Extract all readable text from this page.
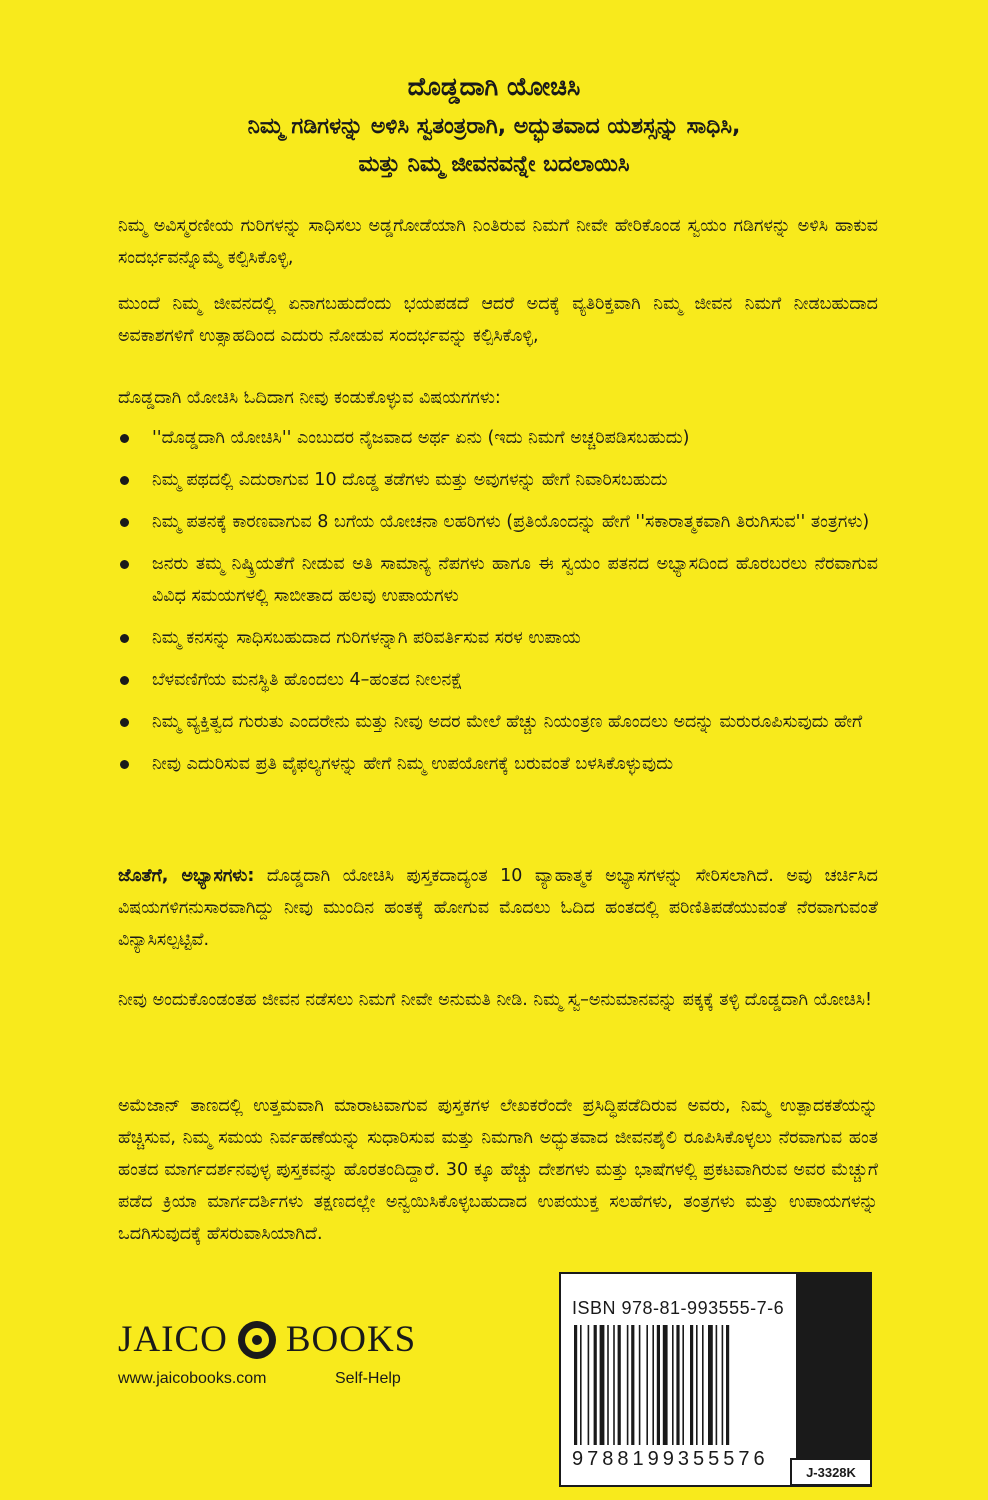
ದೊಡ್ಡದಾಗಿ ಯೋಚಿಸಿ
ನಿಮ್ಮ ಗಡಿಗಳನ್ನು ಅಳಿಸಿ ಸ್ವತಂತ್ರರಾಗಿ, ಅದ್ಭುತವಾದ ಯಶಸ್ಸನ್ನು ಸಾಧಿಸಿ,
ಮತ್ತು ನಿಮ್ಮ ಜೀವನವನ್ನೇ ಬದಲಾಯಿಸಿ

ನಿಮ್ಮ ಅವಿಸ್ಮರಣೀಯ ಗುರಿಗಳನ್ನು ಸಾಧಿಸಲು ಅಡ್ಡಗೋಡೆಯಾಗಿ ನಿಂತಿರುವ ನಿಮಗೆ ನೀವೇ ಹೇರಿಕೊಂಡ ಸ್ವಯಂ ಗಡಿಗಳನ್ನು ಅಳಿಸಿ ಹಾಕುವ ಸಂದರ್ಭವನ್ನೊಮ್ಮೆ ಕಲ್ಪಿಸಿಕೊಳ್ಳಿ,

ಮುಂದೆ ನಿಮ್ಮ ಜೀವನದಲ್ಲಿ ಏನಾಗಬಹುದೆಂದು ಭಯಪಡದೆ ಆದರೆ ಅದಕ್ಕೆ ವ್ಯತಿರಿಕ್ತವಾಗಿ ನಿಮ್ಮ ಜೀವನ ನಿಮಗೆ ನೀಡಬಹುದಾದ ಅವಕಾಶಗಳಿಗೆ ಉತ್ಸಾಹದಿಂದ ಎದುರು ನೋಡುವ ಸಂದರ್ಭವನ್ನು ಕಲ್ಪಿಸಿಕೊಳ್ಳಿ,

ದೊಡ್ಡದಾಗಿ ಯೋಚಿಸಿ ಓದಿದಾಗ ನೀವು ಕಂಡುಕೊಳ್ಳುವ ವಿಷಯಗಗಳು:

''ದೊಡ್ಡದಾಗಿ ಯೋಚಿಸಿ'' ಎಂಬುದರ ನೈಜವಾದ ಅರ್ಥ ಏನು (ಇದು ನಿಮಗೆ ಅಚ್ಚರಿಪಡಿಸಬಹುದು)
ನಿಮ್ಮ ಪಥದಲ್ಲಿ ಎದುರಾಗುವ 10 ದೊಡ್ಡ ತಡೆಗಳು ಮತ್ತು ಅವುಗಳನ್ನು ಹೇಗೆ ನಿವಾರಿಸಬಹುದು
ನಿಮ್ಮ ಪತನಕ್ಕೆ ಕಾರಣವಾಗುವ 8 ಬಗೆಯ ಯೋಚನಾ ಲಹರಿಗಳು (ಪ್ರತಿಯೊಂದನ್ನು ಹೇಗೆ ''ಸಕಾರಾತ್ಮಕವಾಗಿ ತಿರುಗಿಸುವ'' ತಂತ್ರಗಳು)
ಜನರು ತಮ್ಮ ನಿಷ್ಕ್ರಿಯತೆಗೆ ನೀಡುವ ಅತಿ ಸಾಮಾನ್ಯ ನೆಪಗಳು ಹಾಗೂ ಈ ಸ್ವಯಂ ಪತನದ ಅಭ್ಯಾಸದಿಂದ ಹೊರಬರಲು ನೆರವಾಗುವ ವಿವಿಧ ಸಮಯಗಳಲ್ಲಿ ಸಾಬೀತಾದ ಹಲವು ಉಪಾಯಗಳು
ನಿಮ್ಮ ಕನಸನ್ನು ಸಾಧಿಸಬಹುದಾದ ಗುರಿಗಳನ್ನಾಗಿ ಪರಿವರ್ತಿಸುವ ಸರಳ ಉಪಾಯ
ಬೆಳವಣಿಗೆಯ ಮನಸ್ಥಿತಿ ಹೊಂದಲು 4–ಹಂತದ ನೀಲನಕ್ಷೆ
ನಿಮ್ಮ ವ್ಯಕ್ತಿತ್ವದ ಗುರುತು ಎಂದರೇನು ಮತ್ತು ನೀವು ಅದರ ಮೇಲೆ ಹೆಚ್ಚು ನಿಯಂತ್ರಣ ಹೊಂದಲು ಅದನ್ನು ಮರುರೂಪಿಸುವುದು ಹೇಗೆ
ನೀವು ಎದುರಿಸುವ ಪ್ರತಿ ವೈಫಲ್ಯಗಳನ್ನು ಹೇಗೆ ನಿಮ್ಮ ಉಪಯೋಗಕ್ಕೆ ಬರುವಂತೆ ಬಳಸಿಕೊಳ್ಳುವುದು

ಜೊತೆಗೆ, ಅಭ್ಯಾಸಗಳು: ದೊಡ್ಡದಾಗಿ ಯೋಚಿಸಿ ಪುಸ್ತಕದಾದ್ಯಂತ 10 ವ್ಯಾಹಾತ್ಮಕ ಅಭ್ಯಾಸಗಳನ್ನು ಸೇರಿಸಲಾಗಿದೆ. ಅವು ಚರ್ಚಿಸಿದ ವಿಷಯಗಳಿಗನುಸಾರವಾಗಿದ್ದು ನೀವು ಮುಂದಿನ ಹಂತಕ್ಕೆ ಹೋಗುವ ಮೊದಲು ಓದಿದ ಹಂತದಲ್ಲಿ ಪರಿಣಿತಿಪಡೆಯುವಂತೆ ನೆರವಾಗುವಂತೆ ವಿನ್ಯಾಸಿಸಲ್ಪಟ್ಟಿವೆ.

ನೀವು ಅಂದುಕೊಂಡಂತಹ ಜೀವನ ನಡೆಸಲು ನಿಮಗೆ ನೀವೇ ಅನುಮತಿ ನೀಡಿ. ನಿಮ್ಮ ಸ್ವ–ಅನುಮಾನವನ್ನು ಪಕ್ಕಕ್ಕೆ ತಳ್ಳಿ ದೊಡ್ಡದಾಗಿ ಯೋಚಿಸಿ!

ಅಮೆಜಾನ್ ತಾಣದಲ್ಲಿ ಉತ್ತಮವಾಗಿ ಮಾರಾಟವಾಗುವ ಪುಸ್ತಕಗಳ ಲೇಖಕರೆಂದೇ ಪ್ರಸಿದ್ಧಿಪಡೆದಿರುವ ಅವರು, ನಿಮ್ಮ ಉತ್ಪಾದಕತೆಯನ್ನು ಹೆಚ್ಚಿಸುವ, ನಿಮ್ಮ ಸಮಯ ನಿರ್ವಹಣೆಯನ್ನು ಸುಧಾರಿಸುವ ಮತ್ತು ನಿಮಗಾಗಿ ಅದ್ಭುತವಾದ ಜೀವನಶೈಲಿ ರೂಪಿಸಿಕೊಳ್ಳಲು ನೆರವಾಗುವ ಹಂತ ಹಂತದ ಮಾರ್ಗದರ್ಶನವುಳ್ಳ ಪುಸ್ತಕವನ್ನು ಹೊರತಂದಿದ್ದಾರೆ. 30 ಕ್ಕೂ ಹೆಚ್ಚು ದೇಶಗಳು ಮತ್ತು ಭಾಷೆಗಳಲ್ಲಿ ಪ್ರಕಟವಾಗಿರುವ ಅವರ ಮೆಚ್ಚುಗೆ ಪಡೆದ ಕ್ರಿಯಾ ಮಾರ್ಗದರ್ಶಿಗಳು ತಕ್ಷಣದಲ್ಲೇ ಅನ್ವಯಿಸಿಕೊಳ್ಳಬಹುದಾದ ಉಪಯುಕ್ತ ಸಲಹೆಗಳು, ತಂತ್ರಗಳು ಮತ್ತು ಉಪಾಯಗಳನ್ನು ಒದಗಿಸುವುದಕ್ಕೆ ಹೆಸರುವಾಸಿಯಾಗಿದೆ.

JAICO BOOKS
www.jaicobooks.com	Self-Help
ISBN 978-81-993555-7-6
9788199355576
J-3328K
